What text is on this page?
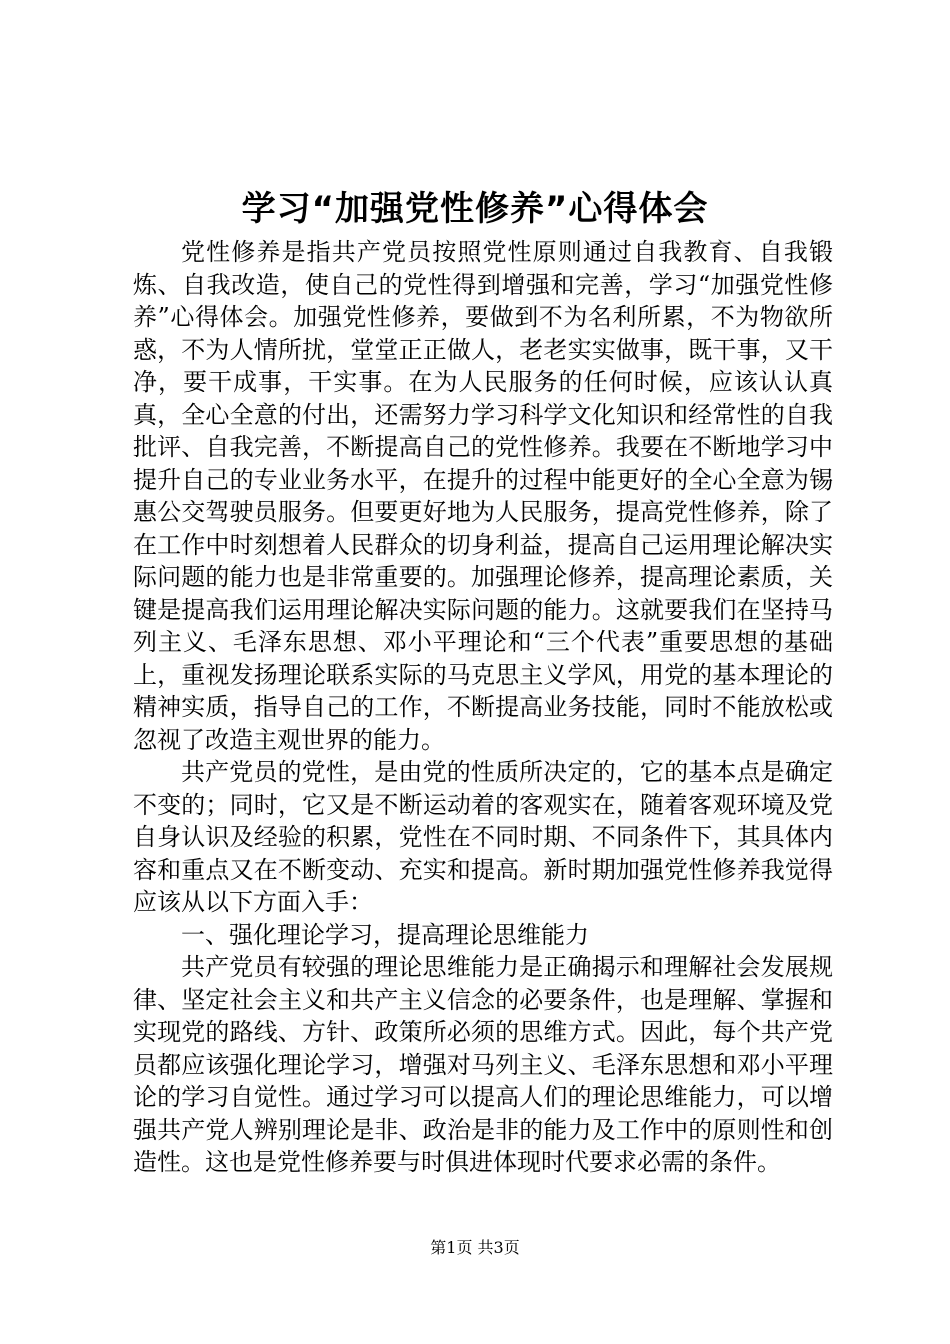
学习“加强党性修养”心得体会

党性修养是指共产党员按照党性原则通过自我教育、自我锻炼、自我改造，使自己的党性得到增强和完善，学习“加强党性修养”心得体会。加强党性修养，要做到不为名利所累，不为物欲所惑，不为人情所扰，堂堂正正做人，老老实实做事，既干事，又干净，要干成事，干实事。在为人民服务的任何时候，应该认认真真，全心全意的付出，还需努力学习科学文化知识和经常性的自我批评、自我完善，不断提高自己的党性修养。我要在不断地学习中提升自己的专业业务水平，在提升的过程中能更好的全心全意为锡惠公交驾驶员服务。但要更好地为人民服务，提高党性修养，除了在工作中时刻想着人民群众的切身利益，提高自己运用理论解决实际问题的能力也是非常重要的。加强理论修养，提高理论素质，关键是提高我们运用理论解决实际问题的能力。这就要我们在坚持马列主义、毛泽东思想、邓小平理论和“三个代表”重要思想的基础上，重视发扬理论联系实际的马克思主义学风，用党的基本理论的精神实质，指导自己的工作，不断提高业务技能，同时不能放松或忽视了改造主观世界的能力。

共产党员的党性，是由党的性质所决定的，它的基本点是确定不变的；同时，它又是不断运动着的客观实在，随着客观环境及党自身认识及经验的积累，党性在不同时期、不同条件下，其具体内容和重点又在不断变动、充实和提高。新时期加强党性修养我觉得应该从以下方面入手：

一、强化理论学习，提高理论思维能力

共产党员有较强的理论思维能力是正确揭示和理解社会发展规律、坚定社会主义和共产主义信念的必要条件，也是理解、掌握和实现党的路线、方针、政策所必须的思维方式。因此，每个共产党员都应该强化理论学习，增强对马列主义、毛泽东思想和邓小平理论的学习自觉性。通过学习可以提高人们的理论思维能力，可以增强共产党人辨别理论是非、政治是非的能力及工作中的原则性和创造性。这也是党性修养要与时俱进体现时代要求必需的条件。

第1页 共3页
